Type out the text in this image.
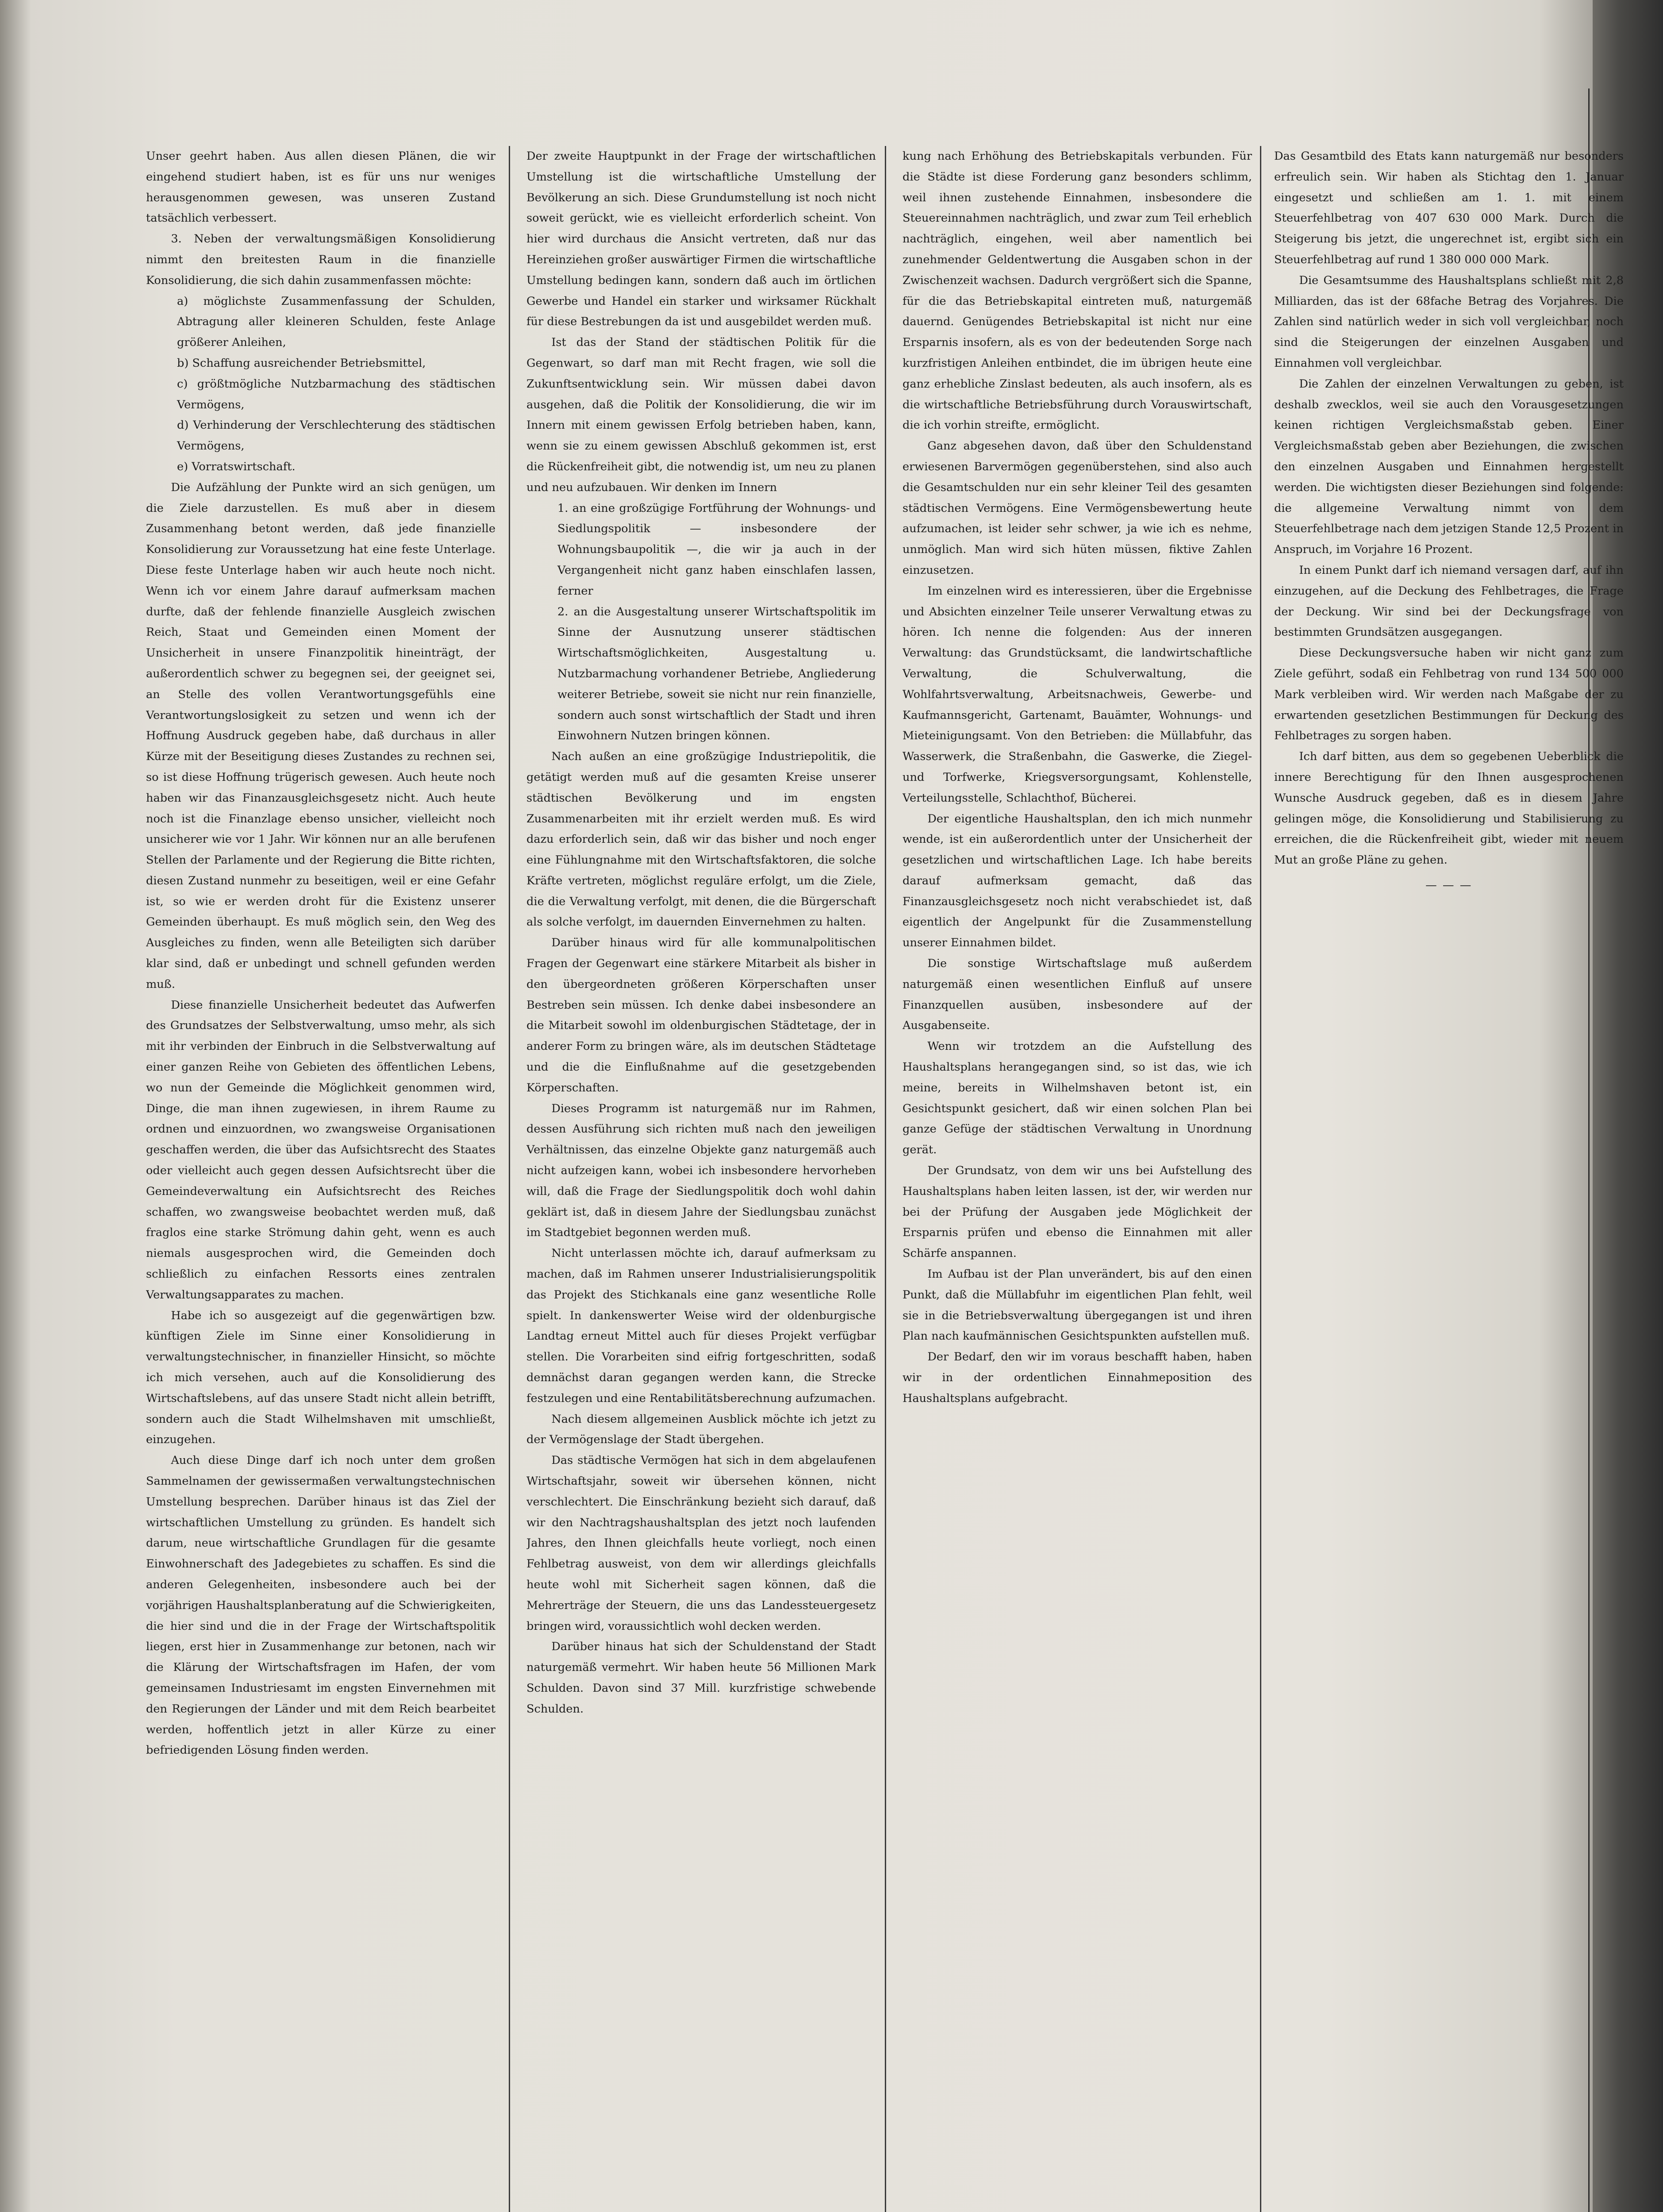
Unser geehrt haben. Aus allen diesen Plänen, die wir eingehend studiert haben, ist es für uns nur weniges herausgenommen gewesen, was unseren Zustand tatsächlich verbessert.

3. Neben der verwaltungsmäßigen Konsolidierung nimmt den breitesten Raum in die finanzielle Konsolidierung, die sich dahin zusammenfassen möchte:

a) möglichste Zusammenfassung der Schulden, Abtragung aller kleineren Schulden, feste Anlage größerer Anleihen,
b) Schaffung ausreichender Betriebsmittel,
c) größtmögliche Nutzbarmachung des städtischen Vermögens,
d) Verhinderung der Verschlechterung des städtischen Vermögens,
e) Vorratswirtschaft.

Die Aufzählung der Punkte wird an sich genügen, um die Ziele darzustellen. Es muß aber in diesem Zusammenhang betont werden, daß jede finanzielle Konsolidierung zur Voraussetzung hat eine feste Unterlage. Diese feste Unterlage haben wir auch heute noch nicht. Wenn ich vor einem Jahre darauf aufmerksam machen durfte, daß der fehlende finanzielle Ausgleich zwischen Reich, Staat und Gemeinden einen Moment der Unsicherheit in unsere Finanzpolitik hineinträgt, der außerordentlich schwer zu begegnen sei, der geeignet sei, an Stelle des vollen Verantwortungsgefühls eine Verantwortungslosigkeit zu setzen und wenn ich der Hoffnung Ausdruck gegeben habe, daß durchaus in aller Kürze mit der Beseitigung dieses Zustandes zu rechnen sei, so ist diese Hoffnung trügerisch gewesen. Auch heute noch haben wir das Finanzausgleichsgesetz nicht. Auch heute noch ist die Finanzlage ebenso unsicher, vielleicht noch unsicherer wie vor 1 Jahr. Wir können nur an alle berufenen Stellen der Parlamente und der Regierung die Bitte richten, diesen Zustand nunmehr zu beseitigen, weil er eine Gefahr ist, so wie er werden droht für die Existenz unserer Gemeinden überhaupt. Es muß möglich sein, den Weg des Ausgleiches zu finden, wenn alle Beteiligten sich darüber klar sind, daß er unbedingt und schnell gefunden werden muß.

Diese finanzielle Unsicherheit bedeutet das Aufwerfen des Grundsatzes der Selbstverwaltung, umso mehr, als sich mit ihr verbinden der Einbruch in die Selbstverwaltung auf einer ganzen Reihe von Gebieten des öffentlichen Lebens, wo nun der Gemeinde die Möglichkeit genommen wird, Dinge, die man ihnen zugewiesen, in ihrem Raume zu ordnen und einzuordnen, wo zwangsweise Organisationen geschaffen werden, die über das Aufsichtsrecht des Staates oder vielleicht auch gegen dessen Aufsichtsrecht über die Gemeindeverwaltung ein Aufsichtsrecht des Reiches schaffen, wo zwangsweise beobachtet werden muß, daß fraglos eine starke Strömung dahin geht, wenn es auch niemals ausgesprochen wird, die Gemeinden doch schließlich zu einfachen Ressorts eines zentralen Verwaltungsapparates zu machen.

Habe ich so ausgezeigt auf die gegenwärtigen bzw. künftigen Ziele im Sinne einer Konsolidierung in verwaltungstechnischer, in finanzieller Hinsicht, so möchte ich mich versehen, auch auf die Konsolidierung des Wirtschaftslebens, auf das unsere Stadt nicht allein betrifft, sondern auch die Stadt Wilhelmshaven mit umschließt, einzugehen.

Auch diese Dinge darf ich noch unter dem großen Sammelnamen der gewissermaßen verwaltungstechnischen Umstellung besprechen. Darüber hinaus ist das Ziel der wirtschaftlichen Umstellung zu gründen. Es handelt sich darum, neue wirtschaftliche Grundlagen für die gesamte Einwohnerschaft des Jadegebietes zu schaffen. Es sind die anderen Gelegenheiten, insbesondere auch bei der vorjährigen Haushaltsplanberatung auf die Schwierigkeiten, die hier sind und die in der Frage der Wirtschaftspolitik liegen, erst hier in Zusammenhange zur betonen, nach wir die Klärung der Wirtschaftsfragen im Hafen, der vom gemeinsamen Industriesamt im engsten Einvernehmen mit den Regierungen der Länder und mit dem Reich bearbeitet werden, hoffentlich jetzt in aller Kürze zu einer befriedigenden Lösung finden werden.

Der zweite Hauptpunkt in der Frage der wirtschaftlichen Umstellung ist die wirtschaftliche Umstellung der Bevölkerung an sich. Diese Grundumstellung ist noch nicht soweit gerückt, wie es vielleicht erforderlich scheint. Von hier wird durchaus die Ansicht vertreten, daß nur das Hereinziehen großer auswärtiger Firmen die wirtschaftliche Umstellung bedingen kann, sondern daß auch im örtlichen Gewerbe und Handel ein starker und wirksamer Rückhalt für diese Bestrebungen da ist und ausgebildet werden muß.

Ist das der Stand der städtischen Politik für die Gegenwart, so darf man mit Recht fragen, wie soll die Zukunftsentwicklung sein. Wir müssen dabei davon ausgehen, daß die Politik der Konsolidierung, die wir im Innern mit einem gewissen Erfolg betrieben haben, kann, wenn sie zu einem gewissen Abschluß gekommen ist, erst die Rückenfreiheit gibt, die notwendig ist, um neu zu planen und neu aufzubauen. Wir denken im Innern

1. an eine großzügige Fortführung der Wohnungs- und Siedlungspolitik — insbesondere der Wohnungsbaupolitik —, die wir ja auch in der Vergangenheit nicht ganz haben einschlafen lassen, ferner
2. an die Ausgestaltung unserer Wirtschaftspolitik im Sinne der Ausnutzung unserer städtischen Wirtschaftsmöglichkeiten, Ausgestaltung u. Nutzbarmachung vorhandener Betriebe, Angliederung weiterer Betriebe, soweit sie nicht nur rein finanzielle, sondern auch sonst wirtschaftlich der Stadt und ihren Einwohnern Nutzen bringen können.

Nach außen an eine großzügige Industriepolitik, die getätigt werden muß auf die gesamten Kreise unserer städtischen Bevölkerung und im engsten Zusammenarbeiten mit ihr erzielt werden muß. Es wird dazu erforderlich sein, daß wir das bisher und noch enger eine Fühlungnahme mit den Wirtschaftsfaktoren, die solche Kräfte vertreten, möglichst reguläre erfolgt, um die Ziele, die die Verwaltung verfolgt, mit denen, die die Bürgerschaft als solche verfolgt, im dauernden Einvernehmen zu halten.

Darüber hinaus wird für alle kommunalpolitischen Fragen der Gegenwart eine stärkere Mitarbeit als bisher in den übergeordneten größeren Körperschaften unser Bestreben sein müssen. Ich denke dabei insbesondere an die Mitarbeit sowohl im oldenburgischen Städtetage, der in anderer Form zu bringen wäre, als im deutschen Städtetage und die die Einflußnahme auf die gesetzgebenden Körperschaften.

Dieses Programm ist naturgemäß nur im Rahmen, dessen Ausführung sich richten muß nach den jeweiligen Verhältnissen, das einzelne Objekte ganz naturgemäß auch nicht aufzeigen kann, wobei ich insbesondere hervorheben will, daß die Frage der Siedlungspolitik doch wohl dahin geklärt ist, daß in diesem Jahre der Siedlungsbau zunächst im Stadtgebiet begonnen werden muß.

Nicht unterlassen möchte ich, darauf aufmerksam zu machen, daß im Rahmen unserer Industrialisierungspolitik das Projekt des Stichkanals eine ganz wesentliche Rolle spielt. In dankenswerter Weise wird der oldenburgische Landtag erneut Mittel auch für dieses Projekt verfügbar stellen. Die Vorarbeiten sind eifrig fortgeschritten, sodaß demnächst daran gegangen werden kann, die Strecke festzulegen und eine Rentabilitätsberechnung aufzumachen.

Nach diesem allgemeinen Ausblick möchte ich jetzt zu der Vermögenslage der Stadt übergehen.

Das städtische Vermögen hat sich in dem abgelaufenen Wirtschaftsjahr, soweit wir übersehen können, nicht verschlechtert. Die Einschränkung bezieht sich darauf, daß wir den Nachtragshaushaltsplan des jetzt noch laufenden Jahres, den Ihnen gleichfalls heute vorliegt, noch einen Fehlbetrag ausweist, von dem wir allerdings gleichfalls heute wohl mit Sicherheit sagen können, daß die Mehrerträge der Steuern, die uns das Landessteuergesetz bringen wird, voraussichtlich wohl decken werden.

Darüber hinaus hat sich der Schuldenstand der Stadt naturgemäß vermehrt. Wir haben heute 56 Millionen Mark Schulden. Davon sind 37 Mill. kurzfristige schwebende Schulden.

kung nach Erhöhung des Betriebskapitals verbunden. Für die Städte ist diese Forderung ganz besonders schlimm, weil ihnen zustehende Einnahmen, insbesondere die Steuereinnahmen nachträglich, und zwar zum Teil erheblich nachträglich, eingehen, weil aber namentlich bei zunehmender Geldentwertung die Ausgaben schon in der Zwischenzeit wachsen. Dadurch vergrößert sich die Spanne, für die das Betriebskapital eintreten muß, naturgemäß dauernd. Genügendes Betriebskapital ist nicht nur eine Ersparnis insofern, als es von der bedeutenden Sorge nach kurzfristigen Anleihen entbindet, die im übrigen heute eine ganz erhebliche Zinslast bedeuten, als auch insofern, als es die wirtschaftliche Betriebsführung durch Vorauswirtschaft, die ich vorhin streifte, ermöglicht.

Ganz abgesehen davon, daß über den Schuldenstand erwiesenen Barvermögen gegenüberstehen, sind also auch die Gesamtschulden nur ein sehr kleiner Teil des gesamten städtischen Vermögens. Eine Vermögensbewertung heute aufzumachen, ist leider sehr schwer, ja wie ich es nehme, unmöglich. Man wird sich hüten müssen, fiktive Zahlen einzusetzen.

Im einzelnen wird es interessieren, über die Ergebnisse und Absichten einzelner Teile unserer Verwaltung etwas zu hören. Ich nenne die folgenden: Aus der inneren Verwaltung: das Grundstücksamt, die landwirtschaftliche Verwaltung, die Schulverwaltung, die Wohlfahrtsverwaltung, Arbeitsnachweis, Gewerbe- und Kaufmannsgericht, Gartenamt, Bauämter, Wohnungs- und Mieteinigungsamt. Von den Betrieben: die Müllabfuhr, das Wasserwerk, die Straßenbahn, die Gaswerke, die Ziegel- und Torfwerke, Kriegsversorgungsamt, Kohlenstelle, Verteilungsstelle, Schlachthof, Bücherei.

Der eigentliche Haushaltsplan, den ich mich nunmehr wende, ist ein außerordentlich unter der Unsicherheit der gesetzlichen und wirtschaftlichen Lage. Ich habe bereits darauf aufmerksam gemacht, daß das Finanzausgleichsgesetz noch nicht verabschiedet ist, daß eigentlich der Angelpunkt für die Zusammenstellung unserer Einnahmen bildet.

Die sonstige Wirtschaftslage muß außerdem naturgemäß einen wesentlichen Einfluß auf unsere Finanzquellen ausüben, insbesondere auf der Ausgabenseite.

Wenn wir trotzdem an die Aufstellung des Haushaltsplans herangegangen sind, so ist das, wie ich meine, bereits in Wilhelmshaven betont ist, ein Gesichtspunkt gesichert, daß wir einen solchen Plan bei ganze Gefüge der städtischen Verwaltung in Unordnung gerät.

Der Grundsatz, von dem wir uns bei Aufstellung des Haushaltsplans haben leiten lassen, ist der, wir werden nur bei der Prüfung der Ausgaben jede Möglichkeit der Ersparnis prüfen und ebenso die Einnahmen mit aller Schärfe anspannen.

Im Aufbau ist der Plan unverändert, bis auf den einen Punkt, daß die Müllabfuhr im eigentlichen Plan fehlt, weil sie in die Betriebsverwaltung übergegangen ist und ihren Plan nach kaufmännischen Gesichtspunkten aufstellen muß.

Der Bedarf, den wir im voraus beschafft haben, haben wir in der ordentlichen Einnahmeposition des Haushaltsplans aufgebracht.

Das Gesamtbild des Etats kann naturgemäß nur besonders erfreulich sein. Wir haben als Stichtag den 1. Januar eingesetzt und schließen am 1. 1. mit einem Steuerfehlbetrag von 407 630 000 Mark. Durch die Steigerung bis jetzt, die ungerechnet ist, ergibt sich ein Steuerfehlbetrag auf rund 1 380 000 000 Mark.

Die Gesamtsumme des Haushaltsplans schließt mit 2,8 Milliarden, das ist der 68fache Betrag des Vorjahres. Die Zahlen sind natürlich weder in sich voll vergleichbar, noch sind die Steigerungen der einzelnen Ausgaben und Einnahmen voll vergleichbar.

Die Zahlen der einzelnen Verwaltungen zu geben, ist deshalb zwecklos, weil sie auch den Vorausgesetzungen keinen richtigen Vergleichsmaßstab geben. Einer Vergleichsmaßstab geben aber Beziehungen, die zwischen den einzelnen Ausgaben und Einnahmen hergestellt werden. Die wichtigsten dieser Beziehungen sind folgende: die allgemeine Verwaltung nimmt von dem Steuerfehlbetrage nach dem jetzigen Stande 12,5 Prozent in Anspruch, im Vorjahre 16 Prozent.

In einem Punkt darf ich niemand versagen darf, auf ihn einzugehen, auf die Deckung des Fehlbetrages, die Frage der Deckung. Wir sind bei der Deckungsfrage von bestimmten Grundsätzen ausgegangen.

Diese Deckungsversuche haben wir nicht ganz zum Ziele geführt, sodaß ein Fehlbetrag von rund 134 500 000 Mark verbleiben wird. Wir werden nach Maßgabe der zu erwartenden gesetzlichen Bestimmungen für Deckung des Fehlbetrages zu sorgen haben.

Ich darf bitten, aus dem so gegebenen Ueberblick die innere Berechtigung für den Ihnen ausgesprochenen Wunsche Ausdruck gegeben, daß es in diesem Jahre gelingen möge, die Konsolidierung und Stabilisierung zu erreichen, die die Rückenfreiheit gibt, wieder mit neuem Mut an große Pläne zu gehen.

— — —
